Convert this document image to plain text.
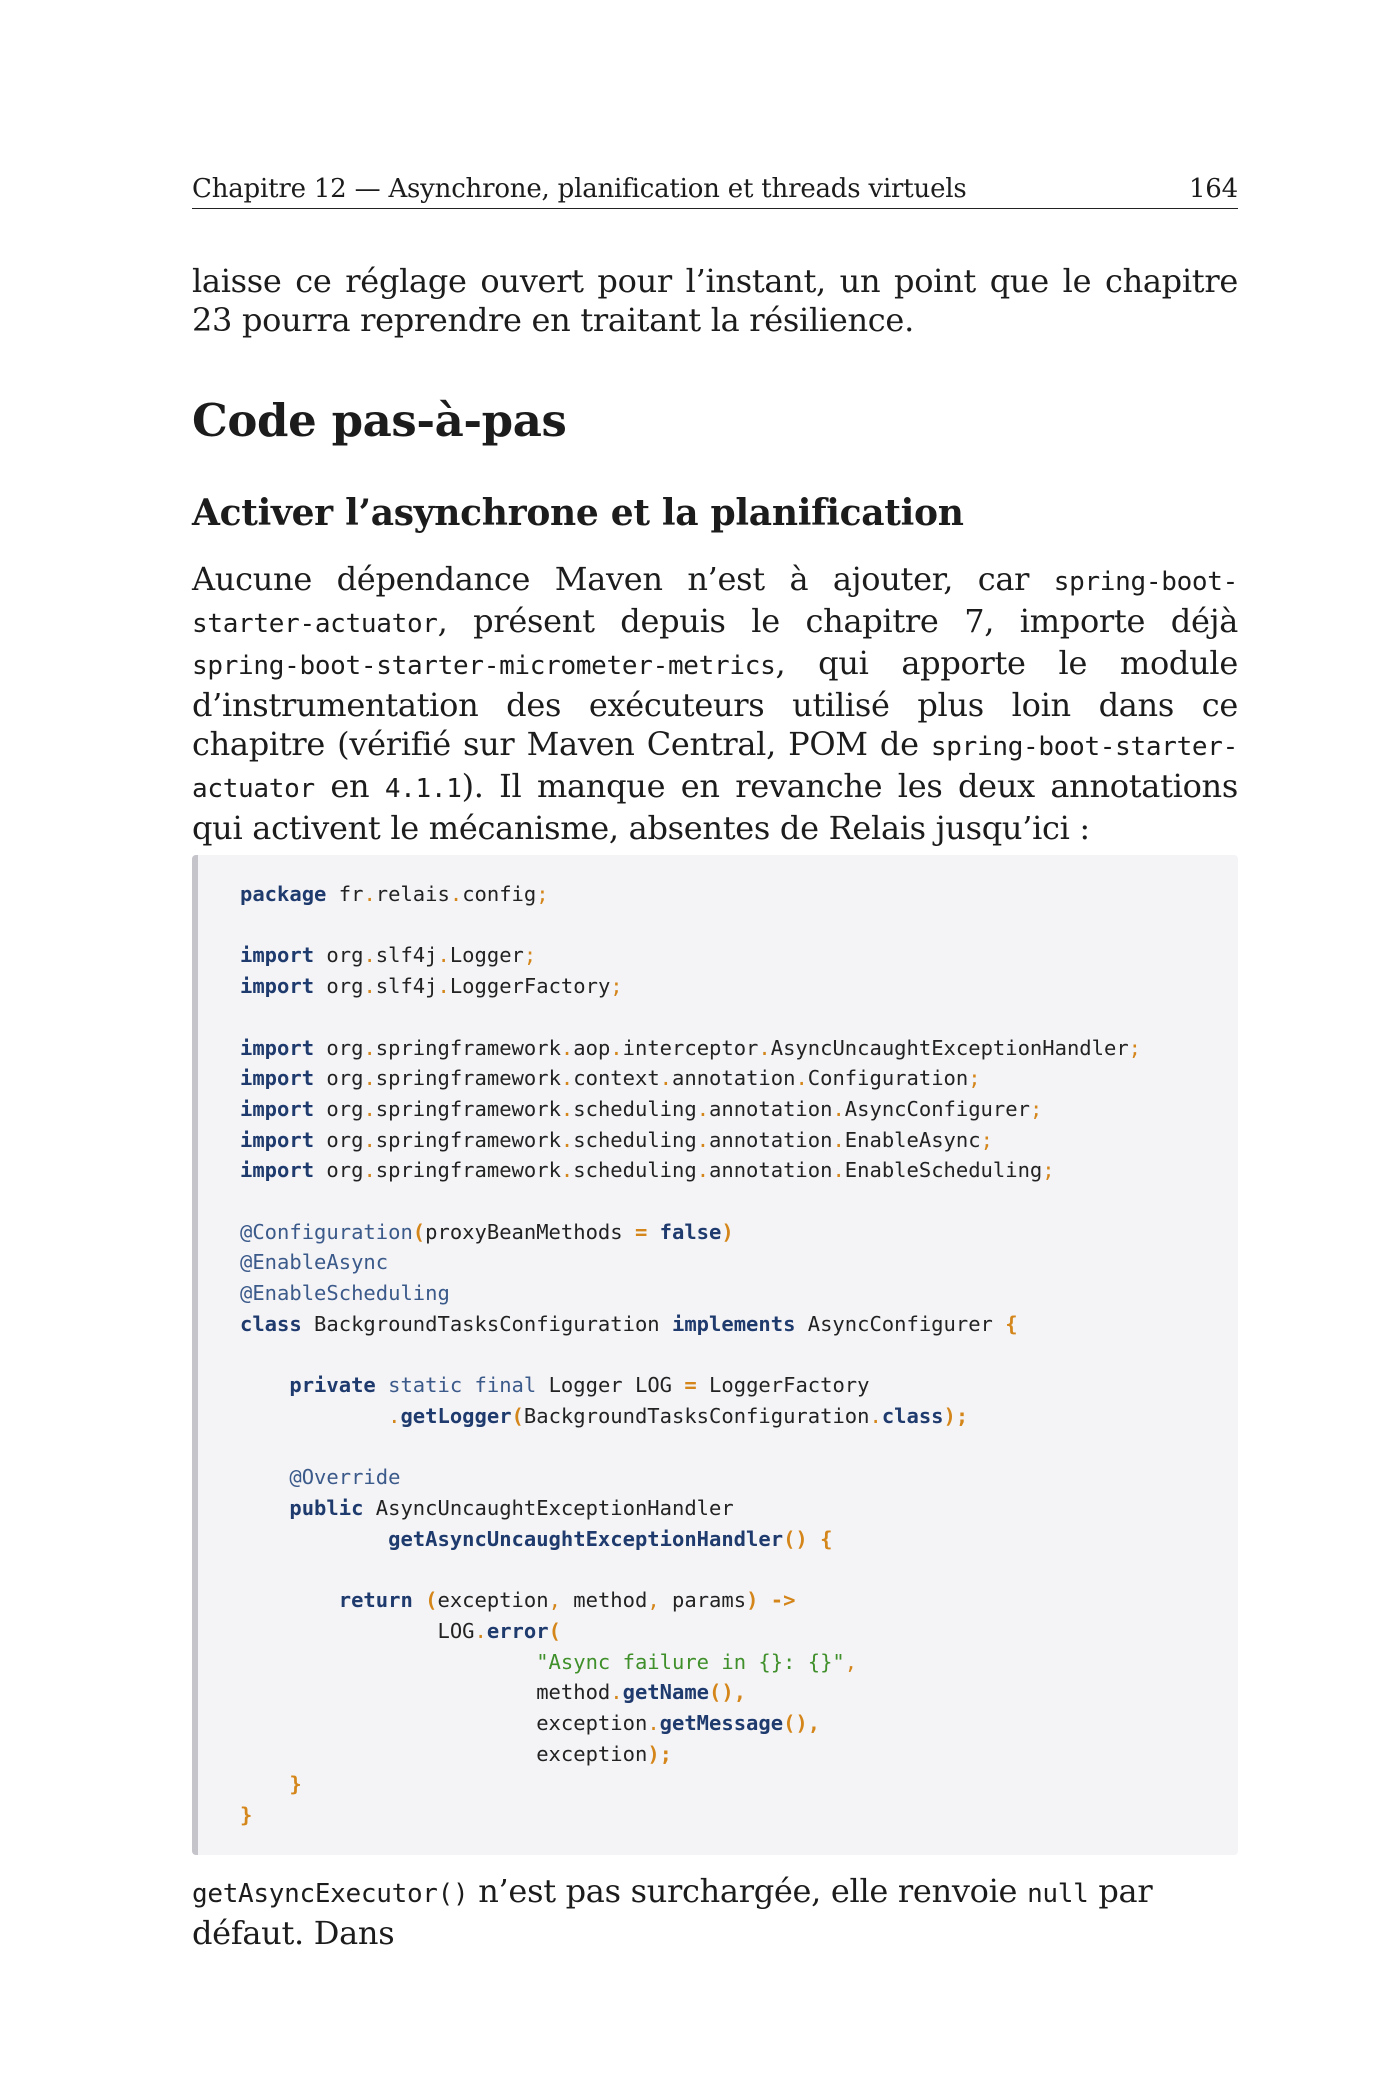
Chapitre 12 — Asynchrone, planification et threads virtuels	164

laisse ce réglage ouvert pour l’instant, un point que le chapitre 23 pourra reprendre en traitant la résilience.

Code pas-à-pas
Activer l’asynchrone et la planification

Aucune dépendance Maven n’est à ajouter, car spring-boot-starter-actuator, présent depuis le chapitre 7, importe déjà spring-boot-starter-micrometer-metrics, qui apporte le module d’instrumentation des exécuteurs utilisé plus loin dans ce chapitre (vérifié sur Maven Central, POM de spring-boot-starter-actuator en 4.1.1). Il manque en revanche les deux annotations qui activent le mécanisme, absentes de Relais jusqu’ici :

package fr.relais.config;

import org.slf4j.Logger;
import org.slf4j.LoggerFactory;

import org.springframework.aop.interceptor.AsyncUncaughtExceptionHandler;
import org.springframework.context.annotation.Configuration;
import org.springframework.scheduling.annotation.AsyncConfigurer;
import org.springframework.scheduling.annotation.EnableAsync;
import org.springframework.scheduling.annotation.EnableScheduling;

@Configuration(proxyBeanMethods = false)
@EnableAsync
@EnableScheduling
class BackgroundTasksConfiguration implements AsyncConfigurer {

private static final Logger LOG = LoggerFactory
.getLogger(BackgroundTasksConfiguration.class);

@Override
public AsyncUncaughtExceptionHandler
getAsyncUncaughtExceptionHandler() {

return (exception, method, params) ->
LOG.error(
"Async failure in {}: {}",
method.getName(),
exception.getMessage(),
exception);
}
}

getAsyncExecutor() n’est pas surchargée, elle renvoie null par défaut. Dans
